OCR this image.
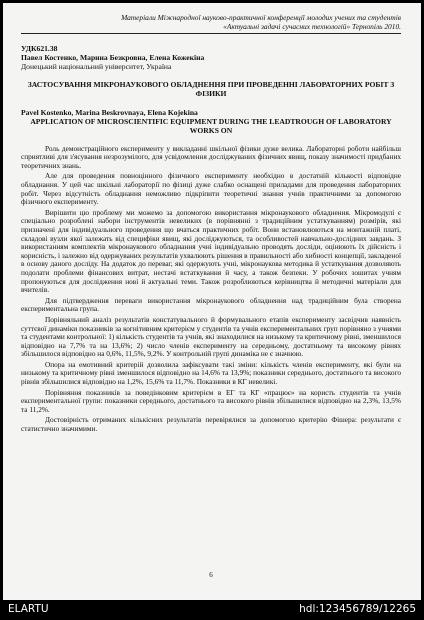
Матеріали Міжнародної науково-практичної конференції молодих учених та студентів
«Актуальні задачі сучасних технологій» Тернопіль 2010.
УДК621.38
Павел Костенко, Марина Безкровна, Елена Кожекіна
Донецький національний університет, Україна
ЗАСТОСУВАННЯ МІКРОНАУКОВОГО ОБЛАДНЕННЯ ПРИ ПРОВЕДЕННІ ЛАБОРАТОРНИХ РОБІТ З ФІЗИКИ
Pavel Kostenko, Marina Beskrovnaya, Elena Kojekina
APPLICATION OF MICROSCIENTIFIC EQUIPMENT DURING THE LEADTROUGH OF LABORATORY WORKS ON

Роль демонстраційного експерименту у викладанні шкільної фізики дуже велика. Лабораторні роботи найбільш сприятливі для з'ясування незрозумілого, для усвідомлення досліджуваних фізичних явищ, показу значимості придбаних теоретичних знань.

Але для проведення повноцінного фізичного експерименту необхідно в достатній кількості відповідне обладнання. У цей час шкільні лабораторії по фізиці дуже слабко оснащені приладами для проведення лабораторних робіт. Через відсутність обладнання неможливо підкріпити теоретичні знання учнів практичними за допомогою фізичного експерименту.

Вирішити цю проблему ми можемо за допомогою використання мікронаукового обладнення. Мікромодулі є спеціально розроблені набори інструментів невеликих (в порівнянні з традиційним устаткуванням) розмірів, які призначені для індивідуального проведення що вчаться практичних робіт. Вони встановлюються на монтажній платі, складові вузли якої залежать від специфіки явищ, які досліджуються, та особливостей навчально-дослідних завдань. З використанням комплектів мікронаукового обладнання учні індивідуально проводять досліди, оцінюють їх дійсність і корисність, і залежно від одержуваних результатів ухвалюють рішення в правильності або хибності концепції, закладеної в основу даного досліду. На додаток до переваг, які одержують учні, мікронаукова методика й устаткування дозволяють подолати проблеми фінансових витрат, нестачі встаткування й часу, а також безпеки. У робочих зошитах учням пропонуються для дослідження нові й актуальні теми. Також розроблюються керівництва й методичні матеріали для вчителів.

Для підтвердження переваги використання мікронаукового обладнення над традиційним була створена експериментальна група.

Порівняльний аналіз результатів констатувального й формувального етапів експерименту засвідчив наявність суттєвої динаміки показників за когнітивним критерієм у студентів та учнів експериментальних груп порівняно з учнями та студентами контрольної: 1) кількість студентів та учнів, які знаходилися на низькому та критичному рівні, зменшилося відповідно на 7,7% та на 13,6%; 2) число членів експерименту на середньому, достатньому та високому рівнях збільшилося відповідно на 0,6%, 11,5%, 9,2%. У контрольній групі динаміка не є значною.

Опора на емотивний критерій дозволила зафіксувати такі зміни: кількість членів експерименту, які були на низькому та критичному рівні зменшилося відповідно на 14,6% та 13,9%; показники середнього, достатнього та високого рівнів збільшилися відповідно на 1,2%, 15,6% та 11,7%. Показники в КГ невеликі.

Порівняння показників за поведінковим критерієм в ЕГ та КГ «працює» на користь студентів та учнів експериментальної групи: показники середнього, достатнього та високого рівнів збільшилися відповідно на 2,3%, 13,5% та 11,2%.

Достовірність отриманих кількісних результатів перевірялися за допомогою критерію Фішера: результати є статистично значимими.

6
ELARTU	hdl:123456789/12265
